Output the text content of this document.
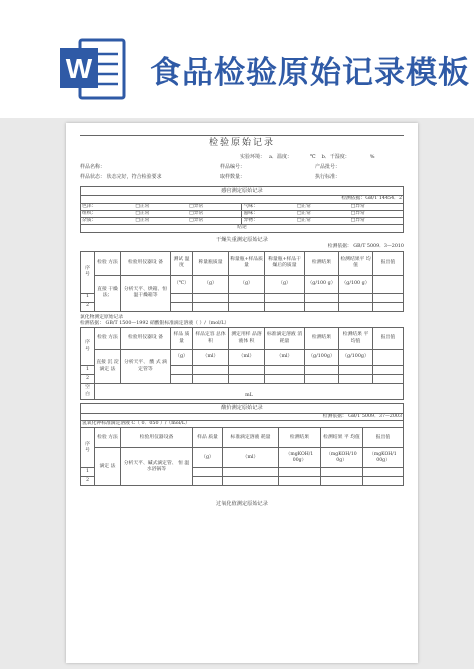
W 食品检验原始记录模板
检验原始记录
实验环境： a．温度：	℃ b．干湿度：	%
样品名称：	样品编号：	产品批号：
样品状态： 状态完好，符合检验要求	取样数量：	执行标准：
感官测定原始记录					
检测依据：GB/T 14454．2					
色泽：	□正常	□异常	气味：	□正常	□异常
组织：	□正常	□异常	滋味：	□正常	□异常
杂质：	□正常	□异常	异物：	□正常	□异常
结论					
干燥失重测定原始记录
检测依据： GB/T 5009．3—2010
序 号	检验 方法	检验用仪器设 备	测试 温度	称量瓶质量	称量瓶+样品质量	称量瓶+样品干燥后的质量	检测结果	检测结果平 均值	报出值
	直接 干燥 法；	分析天平、烘箱、恒温干燥箱等	（℃）	（g）	（g）	（g）	（g/100 g）	（g/100 g）	
1									
2									
氯化物测定原始记录
检测依据： GB/T 1500—1992 硝酸银标准滴定溶液（ ）/（mol/L）
序 号	检验 方法	检验用仪器设 备	样品 质量	样品定容 总体积	测定用样 品溶液体 积	标准滴定溶液 消 耗量	检测结果	检测结果 平 均值	报出值
	直接 沉 淀 滴定 法	分析天平、 酸 式 滴定管等	（g）	（ml）	（ml）	（ml）	（g/100g）	（g/100g）	
1									
2									
空 白	mL								
酸价测定原始记录							
检测依据： GB/T 5009．37—2003							
氢氧化钾标准滴定溶液 C（ 0．050 ）/（mol/L）							
序 号	检验 方法	检验用仪器设备	样品 质量	标准滴定溶液 耗量	检测结果	检测结果 平 均值	报出值
	滴定 法	分析天平、碱式滴定管、 恒 温水浴锅等	（g）	（ml）	（mgKOH/1 00g）	（mgKOH/10 0g）	（mgKOH/1 00g）
1							
2							
过氧化值测定原始记录
